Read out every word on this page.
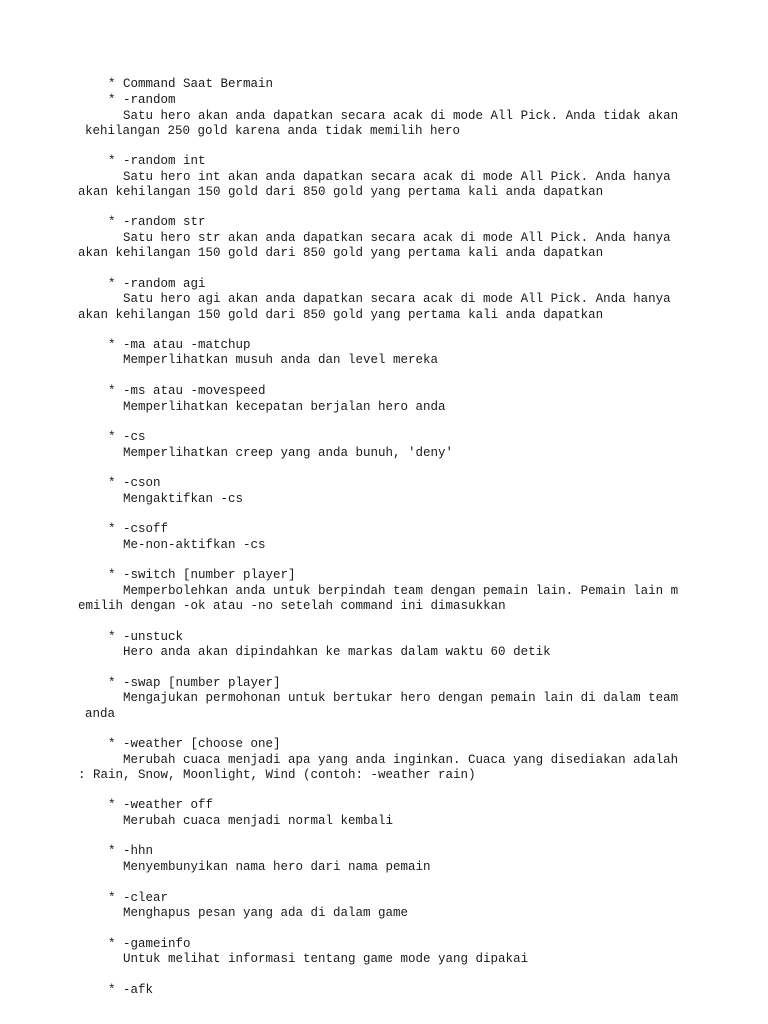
* Command Saat Bermain
* -random
Satu hero akan anda dapatkan secara acak di mode All Pick. Anda tidak akan
kehilangan 250 gold karena anda tidak memilih hero
* -random int
Satu hero int akan anda dapatkan secara acak di mode All Pick. Anda hanya
akan kehilangan 150 gold dari 850 gold yang pertama kali anda dapatkan
* -random str
Satu hero str akan anda dapatkan secara acak di mode All Pick. Anda hanya
akan kehilangan 150 gold dari 850 gold yang pertama kali anda dapatkan
* -random agi
Satu hero agi akan anda dapatkan secara acak di mode All Pick. Anda hanya
akan kehilangan 150 gold dari 850 gold yang pertama kali anda dapatkan
* -ma atau -matchup
Memperlihatkan musuh anda dan level mereka
* -ms atau -movespeed
Memperlihatkan kecepatan berjalan hero anda
* -cs
Memperlihatkan creep yang anda bunuh, 'deny'
* -cson
Mengaktifkan -cs
* -csoff
Me-non-aktifkan -cs
* -switch [number player]
Memperbolehkan anda untuk berpindah team dengan pemain lain. Pemain lain m
emilih dengan -ok atau -no setelah command ini dimasukkan
* -unstuck
Hero anda akan dipindahkan ke markas dalam waktu 60 detik
* -swap [number player]
Mengajukan permohonan untuk bertukar hero dengan pemain lain di dalam team
anda
* -weather [choose one]
Merubah cuaca menjadi apa yang anda inginkan. Cuaca yang disediakan adalah
: Rain, Snow, Moonlight, Wind (contoh: -weather rain)
* -weather off
Merubah cuaca menjadi normal kembali
* -hhn
Menyembunyikan nama hero dari nama pemain
* -clear
Menghapus pesan yang ada di dalam game
* -gameinfo
Untuk melihat informasi tentang game mode yang dipakai
* -afk
